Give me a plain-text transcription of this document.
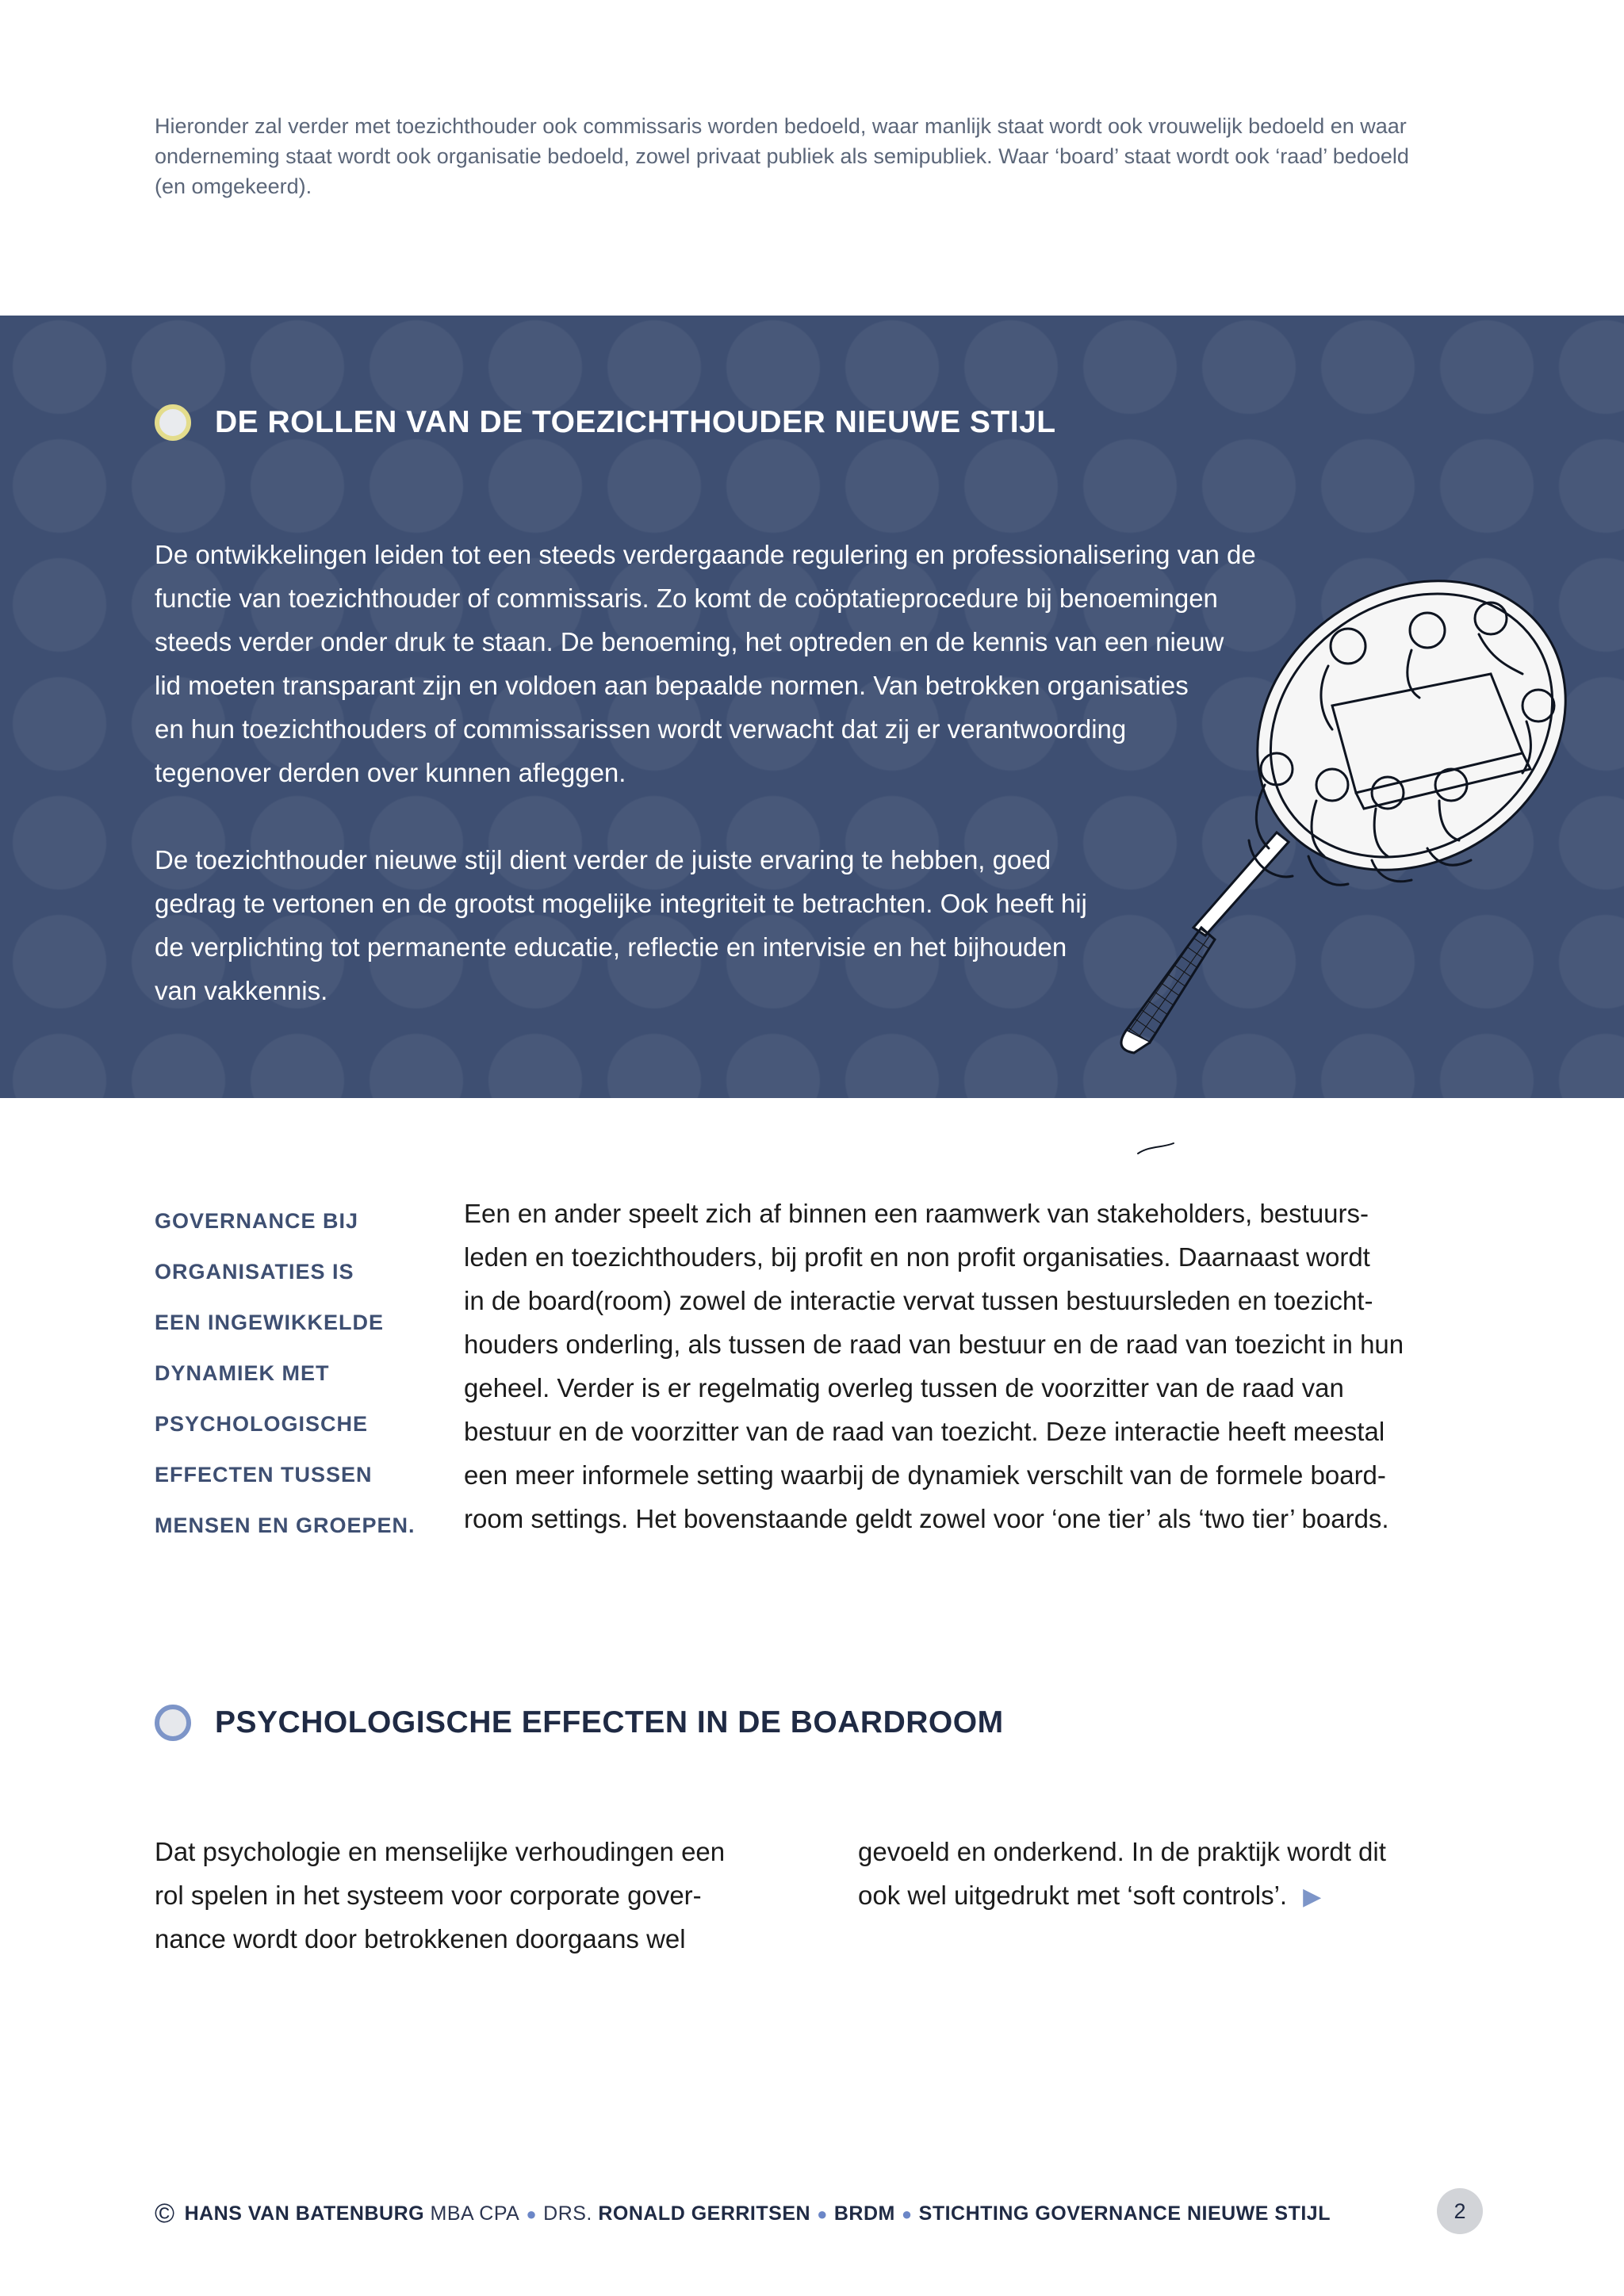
Hieronder zal verder met toezichthouder ook commissaris worden bedoeld, waar manlijk staat wordt ook vrouwelijk bedoeld en waar
onderneming staat wordt ook organisatie bedoeld, zowel privaat publiek als semipubliek. Waar ‘board’ staat wordt ook ‘raad’ bedoeld
(en omgekeerd).
DE ROLLEN VAN DE TOEZICHTHOUDER NIEUWE STIJL

De ontwikkelingen leiden tot een steeds verdergaande regulering en professionalisering van de
functie van toezichthouder of commissaris. Zo komt de coöptatieprocedure bij benoemingen
steeds verder onder druk te staan. De benoeming, het optreden en de kennis van een nieuw
lid moeten transparant zijn en voldoen aan bepaalde normen. Van betrokken organisaties
en hun toezichthouders of commissarissen wordt verwacht dat zij er verantwoording
tegenover derden over kunnen afleggen.

De toezichthouder nieuwe stijl dient verder de juiste ervaring te hebben, goed
gedrag te vertonen en de grootst mogelijke integriteit te betrachten. Ook heeft hij
de verplichting tot permanente educatie, reflectie en intervisie en het bijhouden
van vakkennis.

GOVERNANCE BIJ
ORGANISATIES IS
EEN INGEWIKKELDE
DYNAMIEK MET
PSYCHOLOGISCHE
EFFECTEN TUSSEN
MENSEN EN GROEPEN.
Een en ander speelt zich af binnen een raamwerk van stakeholders, bestuurs-
leden en toezichthouders, bij profit en non profit organisaties. Daarnaast wordt
in de board(room) zowel de interactie vervat tussen bestuursleden en toezicht-
houders onderling, als tussen de raad van bestuur en de raad van toezicht in hun
geheel. Verder is er regelmatig overleg tussen de voorzitter van de raad van
bestuur en de voorzitter van de raad van toezicht. Deze interactie heeft meestal
een meer informele setting waarbij de dynamiek verschilt van de formele board-
room settings. Het bovenstaande geldt zowel voor ‘one tier’ als ‘two tier’ boards.
PSYCHOLOGISCHE EFFECTEN IN DE BOARDROOM
Dat psychologie en menselijke verhoudingen een
rol spelen in het systeem voor corporate gover-
nance wordt door betrokkenen doorgaans wel
gevoeld en onderkend. In de praktijk wordt dit
ook wel uitgedrukt met ‘soft controls’. ▶
© HANS VAN BATENBURG
MBA CPA ● DRS.
RONALD GERRITSEN ● BRDM ● STICHTING GOVERNANCE NIEUWE STIJL	2
